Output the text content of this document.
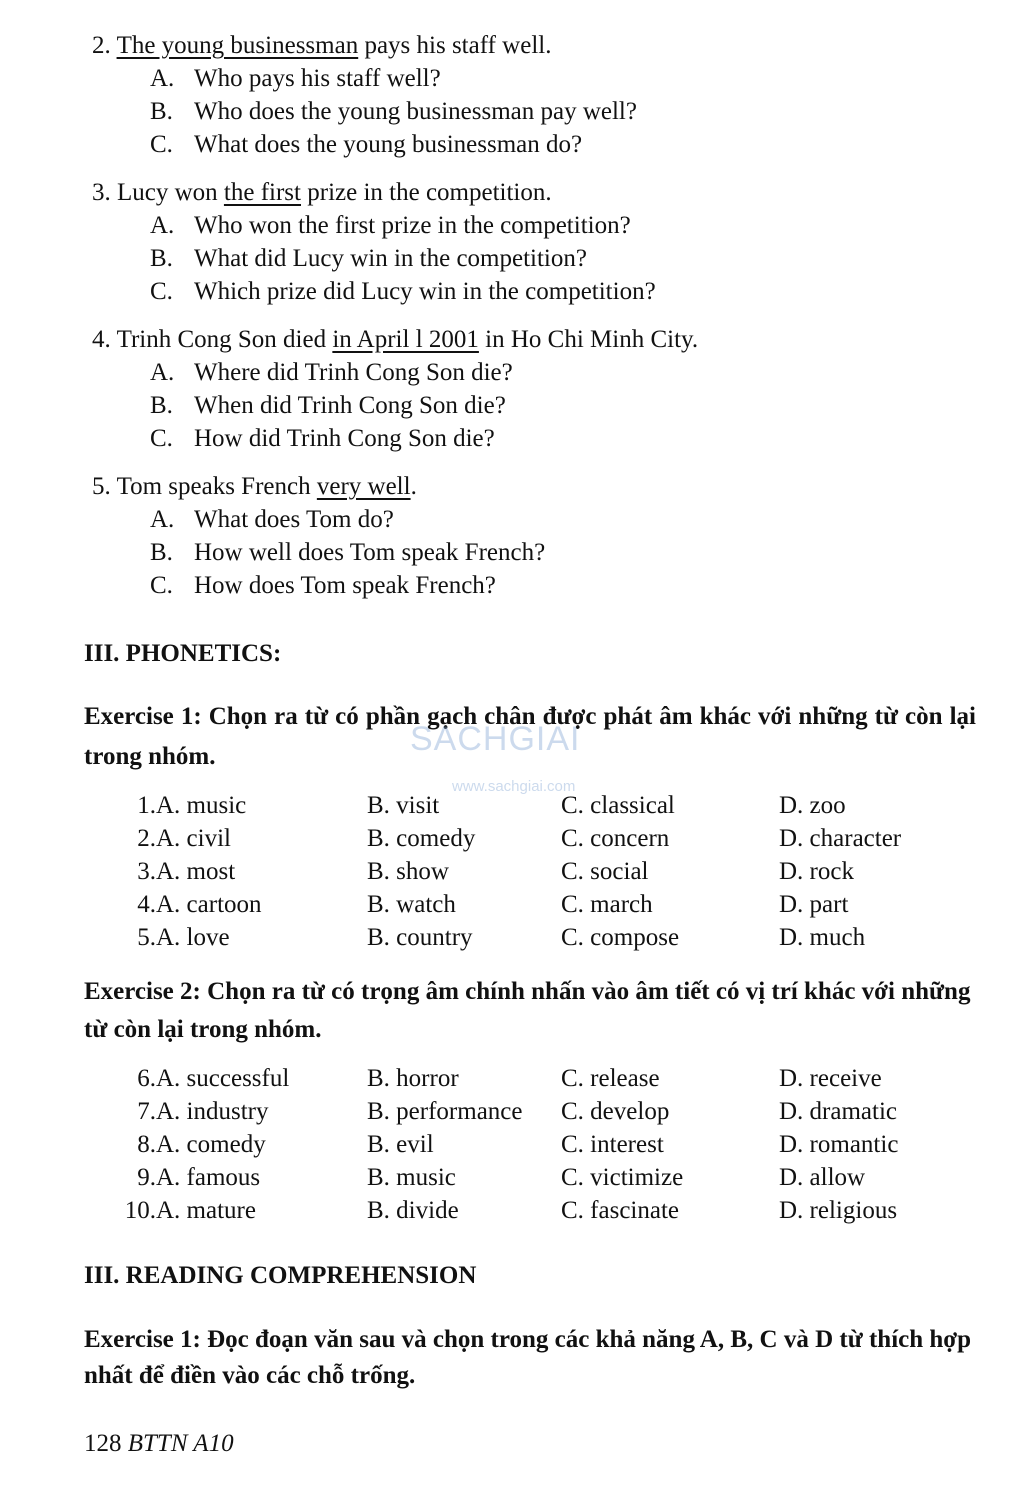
2. The young businessman pays his staff well.
A. Who pays his staff well?
B. Who does the young businessman pay well?
C. What does the young businessman do?
3. Lucy won the first prize in the competition.
A. Who won the first prize in the competition?
B. What did Lucy win in the competition?
C. Which prize did Lucy win in the competition?
4. Trinh Cong Son died in April l 2001 in Ho Chi Minh City.
A. Where did Trinh Cong Son die?
B. When did Trinh Cong Son die?
C. How did Trinh Cong Son die?
5. Tom speaks French very well.
A. What does Tom do?
B. How well does Tom speak French?
C. How does Tom speak French?
III. PHONETICS:
Exercise 1: Chọn ra từ có phần gạch chân được phát âm khác với những từ còn lại trong nhóm.
1. A. music	B. visit	C. classical	D. zoo
2. A. civil	B. comedy	C. concern	D. character
3. A. most	B. show	C. social	D. rock
4. A. cartoon	B. watch	C. march	D. part
5. A. love	B. country	C. compose	D. much
Exercise 2: Chọn ra từ có trọng âm chính nhấn vào âm tiết có vị trí khác với những từ còn lại trong nhóm.
6. A. successful	B. horror	C. release	D. receive
7. A. industry	B. performance C. develop	D. dramatic
8. A. comedy	B. evil	C. interest	D. romantic
9. A. famous	B. music	C. victimize	D. allow
10. A. mature	B. divide	C. fascinate	D. religious
III. READING COMPREHENSION
Exercise 1: Đọc đoạn văn sau và chọn trong các khả năng A, B, C và D từ thích hợp nhất để điền vào các chỗ trống.
128 BTTN A10
SACHGIAI
www.sachgiai.com
